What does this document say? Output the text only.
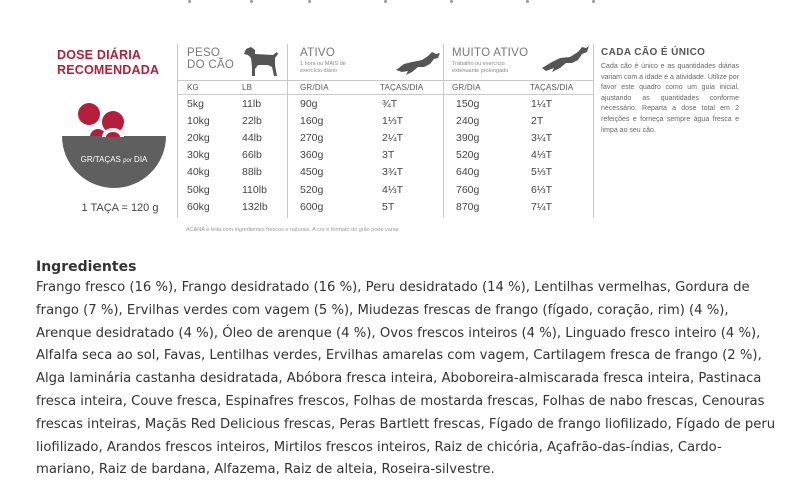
DOSE DIÁRIA
RECOMENDADA
GR/TAÇAS por DIA
1 TAÇA = 120 g
PESO
DO CÃO
ATIVO
1 hora ou MAIS de
exercício diário
MUITO ATIVO
Trabalho ou exercício
extenuante prolongado
KG	LB	GR/DIA	TAÇAS/DIA	GR/DIA	TAÇAS/DIA
5kg	11lb	90g	¾T	150g	1¼T
10kg	22lb	160g	1⅓T	240g	2T
20kg	44lb	270g	2¼T	390g	3¼T
30kg	66lb	360g	3T	520g	4⅓T
40kg	88lb	450g	3¾T	640g	5⅓T
50kg	110lb	520g	4⅓T	760g	6⅓T
60kg	132lb	600g	5T	870g	7¼T
CADA CÃO É ÚNICO
Cada cão é único e as quantidades diárias variam com a idade e a atividade. Utilize por favor este quadro como um guia inicial, ajustando as quantidades conforme necessário. Reparta a dose total em 2 refeições e forneça sempre água fresca e limpa ao seu cão.
ACANA é feita com ingredientes frescos e naturais. A cor e formato do grão pode variar

Ingredientes

Frango fresco (16 %), Frango desidratado (16 %), Peru desidratado (14 %), Lentilhas vermelhas, Gordura de frango (7 %), Ervilhas verdes com vagem (5 %), Miudezas frescas de frango (fígado, coração, rim) (4 %), Arenque desidratado (4 %), Óleo de arenque (4 %), Ovos frescos inteiros (4 %), Linguado fresco inteiro (4 %), Alfalfa seca ao sol, Favas, Lentilhas verdes, Ervilhas amarelas com vagem, Cartilagem fresca de frango (2 %), Alga laminária castanha desidratada, Abóbora fresca inteira, Aboboreira-almiscarada fresca inteira, Pastinaca fresca inteira, Couve fresca, Espinafres frescos, Folhas de mostarda frescas, Folhas de nabo frescas, Cenouras frescas inteiras, Maçãs Red Delicious frescas, Peras Bartlett frescas, Fígado de frango liofilizado, Fígado de peru liofilizado, Arandos frescos inteiros, Mirtilos frescos inteiros, Raiz de chicória, Açafrão-das-índias, Cardo-mariano, Raiz de bardana, Alfazema, Raiz de alteia, Roseira-silvestre.
